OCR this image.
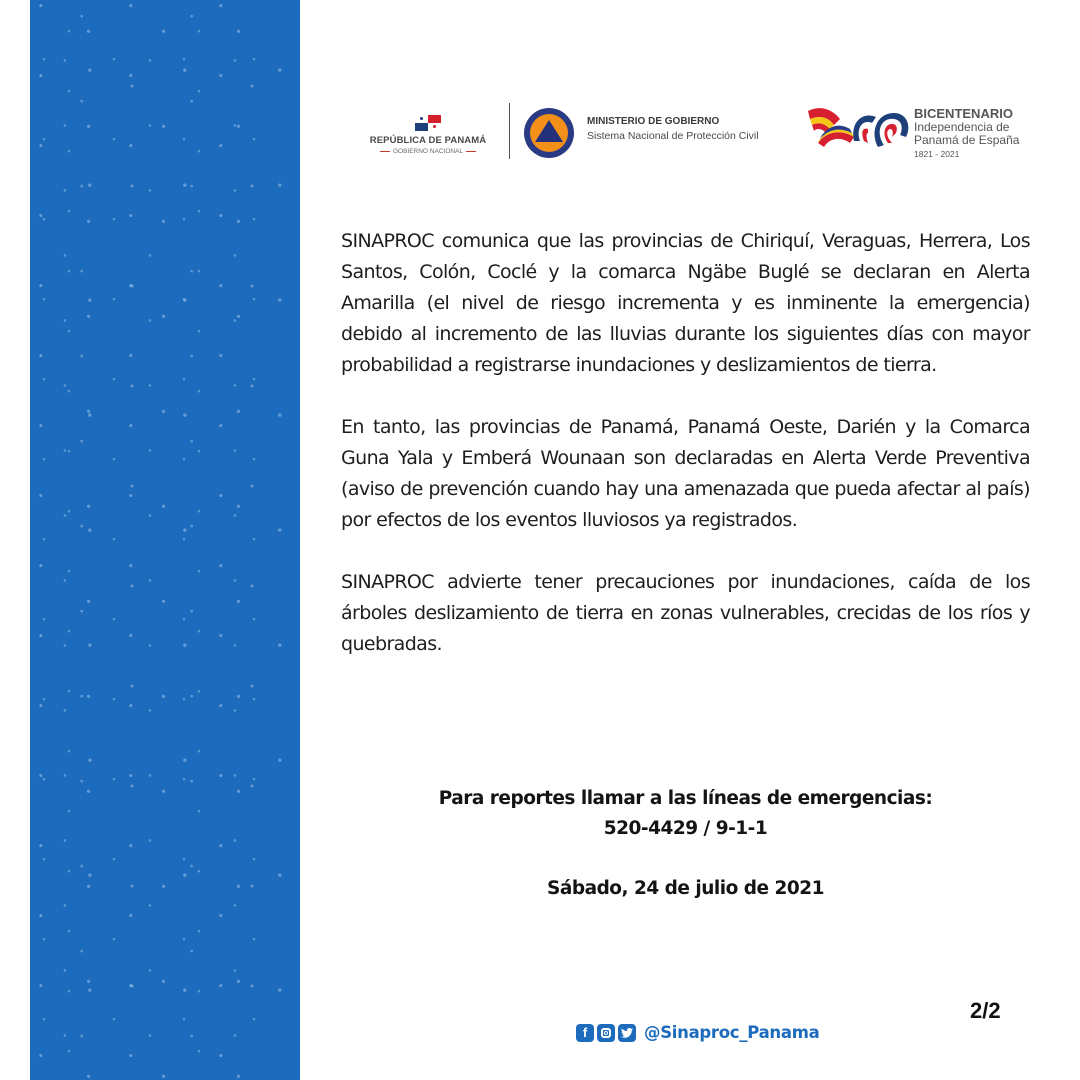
REPÚBLICA DE PANAMÁ
GOBIERNO NACIONAL
MINISTERIO DE GOBIERNO
Sistema Nacional de Protección Civil
BICENTENARIO
Independencia de
Panamá de España
1821 - 2021

SINAPROC comunica que las provincias de Chiriquí, Veraguas, Herrera, Los Santos, Colón, Coclé y la comarca Ngäbe Buglé se declaran en Alerta Amarilla (el nivel de riesgo incrementa y es inminente la emergencia) debido al incremento de las lluvias durante los siguientes días con mayor probabilidad a registrarse inundaciones y deslizamientos de tierra.

En tanto, las provincias de Panamá, Panamá Oeste, Darién y la Comarca Guna Yala y Emberá Wounaan son declaradas en Alerta Verde Preventiva (aviso de prevención cuando hay una amenazada que pueda afectar al país) por efectos de los eventos lluviosos ya registrados.

SINAPROC advierte tener precauciones por inundaciones, caída de los árboles deslizamiento de tierra en zonas vulnerables, crecidas de los ríos y quebradas.

Para reportes llamar a las líneas de emergencias:
520-4429 / 9-1-1
Sábado, 24 de julio de 2021
2/2
f	@Sinaproc_Panama
